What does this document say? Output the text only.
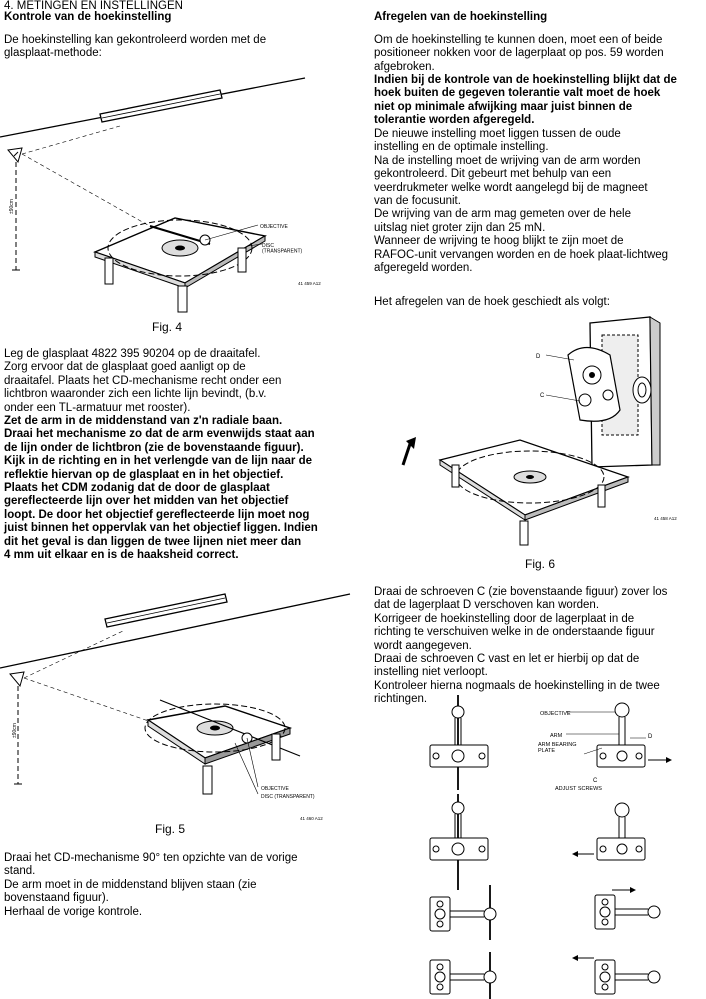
4. METINGEN EN INSTELLINGEN
Kontrole van de hoekinstelling
De hoekinstelling kan gekontroleerd worden met de
glasplaat-methode:
OBJECTIVE
DISC (TRANSPARENT)
41 459 A12
±90cm
Fig. 4
Leg de glasplaat 4822 395 90204 op de draaitafel.
Zorg ervoor dat de glasplaat goed aanligt op de
draaitafel. Plaats het CD-mechanisme recht onder een
lichtbron waaronder zich een lichte lijn bevindt, (b.v.
onder een TL-armatuur met rooster).
Zet de arm in de middenstand van z'n radiale baan.
Draai het mechanisme zo dat de arm evenwijds staat aan
de lijn onder de lichtbron (zie de bovenstaande figuur).
Kijk in de richting en in het verlengde van de lijn naar de
reflektie hiervan op de glasplaat en in het objectief.
Plaats het CDM zodanig dat de door de glasplaat
gereflecteerde lijn over het midden van het objectief
loopt. De door het objectief gereflecteerde lijn moet nog
juist binnen het oppervlak van het objectief liggen. Indien
dit het geval is dan liggen de twee lijnen niet meer dan
4 mm uit elkaar en is de haaksheid correct.
OBJECTIVE
DISC (TRANSPARENT)
41 460 A12
±90cm
Fig. 5
Draai het CD-mechanisme 90° ten opzichte van de vorige
stand.
De arm moet in de middenstand blijven staan (zie
bovenstaand figuur).
Herhaal de vorige kontrole.
Afregelen van de hoekinstelling
Om de hoekinstelling te kunnen doen, moet een of beide
positioneer nokken voor de lagerplaat op pos. 59 worden
afgebroken.
Indien bij de kontrole van de hoekinstelling blijkt dat de
hoek buiten de gegeven tolerantie valt moet de hoek
niet op minimale afwijking maar juist binnen de
tolerantie worden afgeregeld.
De nieuwe instelling moet liggen tussen de oude
instelling en de optimale instelling.
Na de instelling moet de wrijving van de arm worden
gekontroleerd. Dit gebeurt met behulp van een
veerdrukmeter welke wordt aangelegd bij de magneet
van de focusunit.
De wrijving van de arm mag gemeten over de hele
uitslag niet groter zijn dan 25 mN.
Wanneer de wrijving te hoog blijkt te zijn moet de
RAFOC-unit vervangen worden en de hoek plaat-lichtweg
afgeregeld worden.
Het afregelen van de hoek geschiedt als volgt:
D
C
41 458 A12
Fig. 6
Draai de schroeven C (zie bovenstaande figuur) zover los
dat de lagerplaat D verschoven kan worden.
Korrigeer de hoekinstelling door de lagerplaat in de
richting te verschuiven welke in de onderstaande figuur
wordt aangegeven.
Draai de schroeven C vast en let er hierbij op dat de
instelling niet verloopt.
Kontroleer hierna nogmaals de hoekinstelling in de twee
richtingen.
OBJECTIVE
ARM
ARM BEARING PLATE
D
C
ADJUST SCREWS
